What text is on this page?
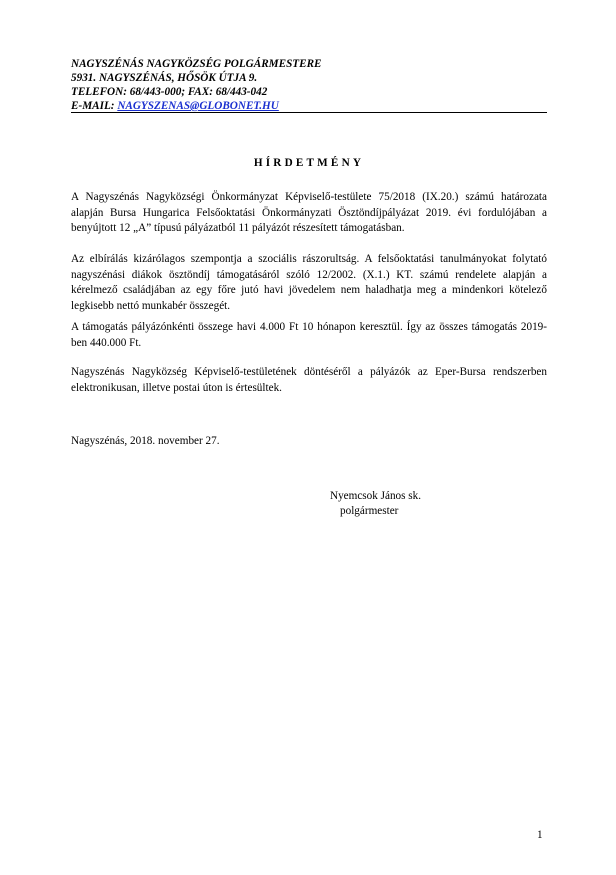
NAGYSZÉNÁS NAGYKÖZSÉG POLGÁRMESTERE
5931. NAGYSZÉNÁS, HŐSÖK ÚTJA 9.
TELEFON: 68/443-000; FAX: 68/443-042
E-MAIL: NAGYSZENAS@GLOBONET.HU
HÍRDETMÉNY
A Nagyszénás Nagyközségi Önkormányzat Képviselő-testülete 75/2018 (IX.20.) számú határozata alapján Bursa Hungarica Felsőoktatási Önkormányzati Ösztöndíjpályázat 2019. évi fordulójában a benyújtott 12 „A” típusú pályázatból 11 pályázót részesített támogatásban.
Az elbírálás kizárólagos szempontja a szociális rászorultság. A felsőoktatási tanulmányokat folytató nagyszénási diákok ösztöndíj támogatásáról szóló 12/2002. (X.1.) KT. számú rendelete alapján a kérelmező családjában az egy főre jutó havi jövedelem nem haladhatja meg a mindenkori kötelező legkisebb nettó munkabér összegét.
A támogatás pályázónkénti összege havi 4.000 Ft 10 hónapon keresztül. Így az összes támogatás 2019-ben 440.000 Ft.
Nagyszénás Nagyközség Képviselő-testületének döntéséről a pályázók az Eper-Bursa rendszerben elektronikusan, illetve postai úton is értesültek.
Nagyszénás, 2018. november 27.
Nyemcsok János sk.
polgármester
1
